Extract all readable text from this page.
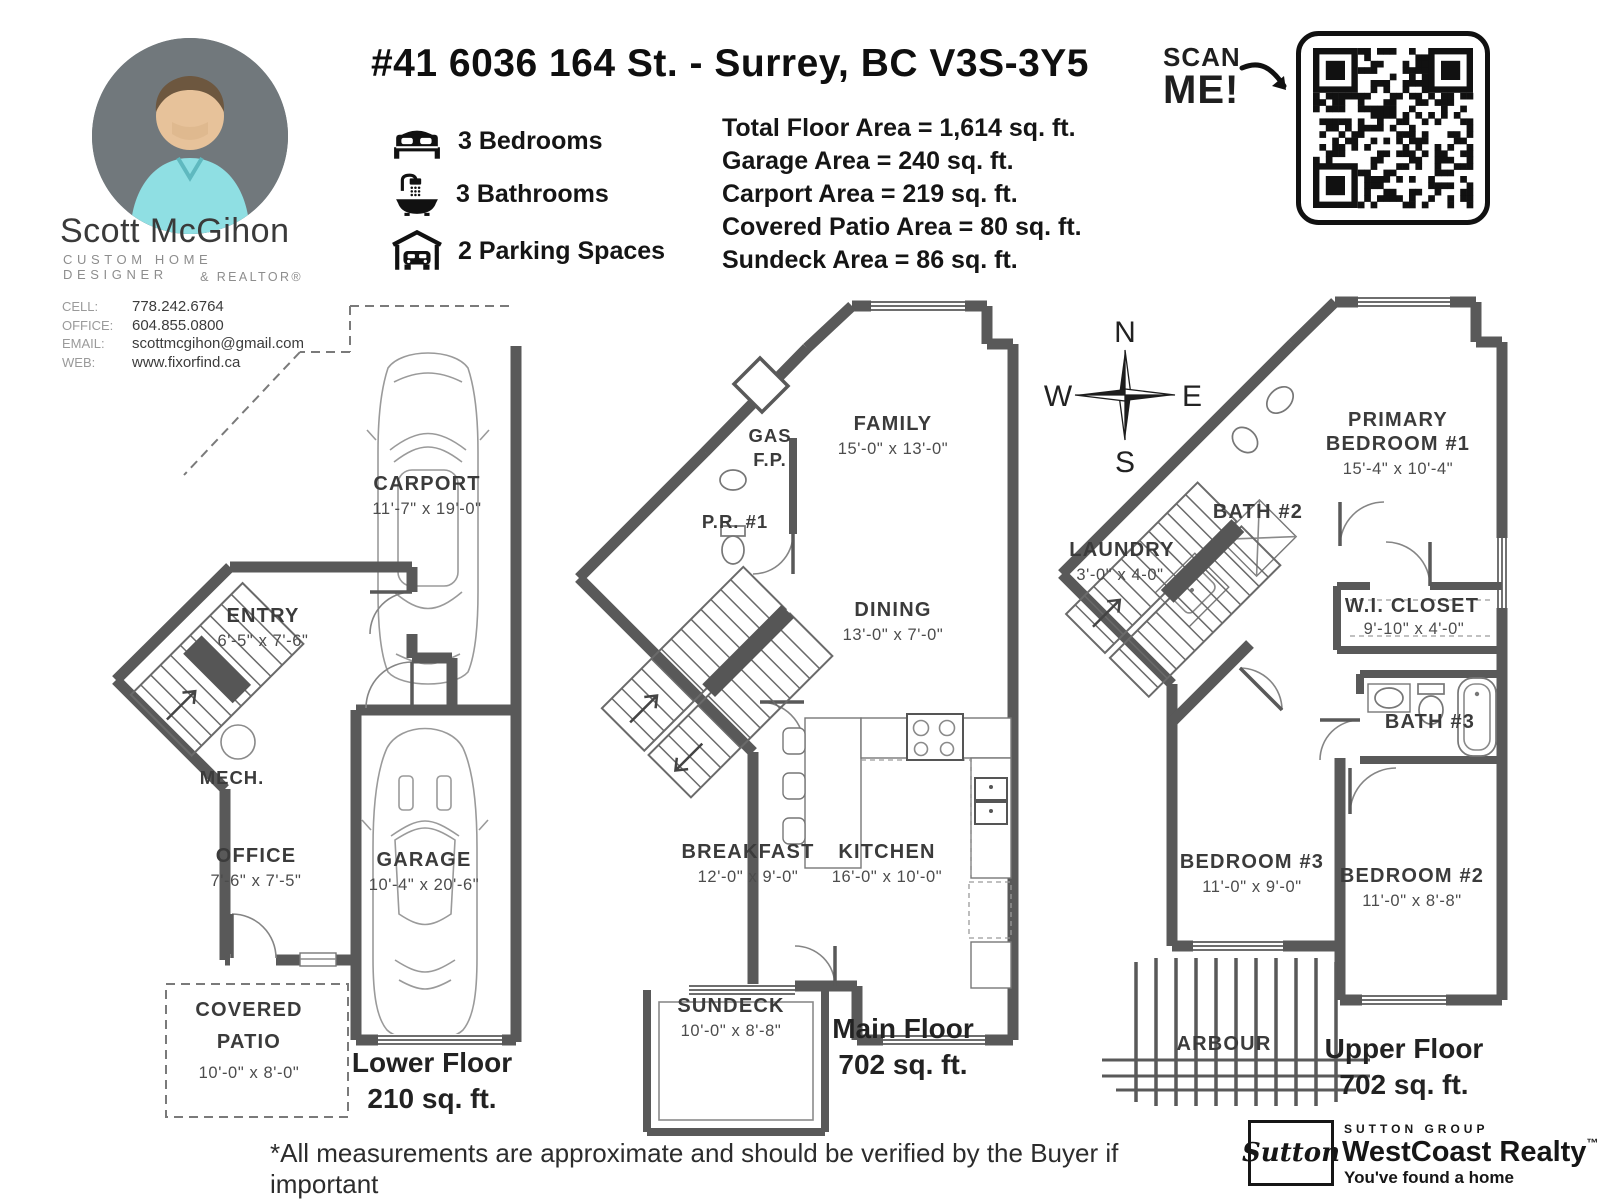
Scott McGihon
CUSTOM HOME DESIGNER	& REALTOR®
CELL:	778.242.6764
OFFICE:	604.855.0800
EMAIL:	scottmcgihon@gmail.com
WEB:	www.fixorfind.ca
#41 6036 164 St. - Surrey, BC V3S-3Y5
3 Bedrooms
3 Bathrooms
2 Parking Spaces
Total Floor Area = 1,614 sq. ft.
Garage Area = 240 sq. ft.
Carport Area = 219 sq. ft.
Covered Patio Area = 80 sq. ft.
Sundeck Area = 86 sq. ft.
SCAN
ME!
CARPORT
11'-7" x 19'-0"
ENTRY
6'-5" x 7'-6"
MECH.
OFFICE
7'-6" x 7'-5"
GARAGE
10'-4" x 20'-6"
COVERED
PATIO
10'-0" x 8'-0" Lower Floor
210 sq. ft.
GAS
F.P.
FAMILY
15'-0" x 13'-0"
P.R. #1
DINING
13'-0" x 7'-0"
BREAKFAST
12'-0" x 9'-0"
KITCHEN
16'-0" x 10'-0"
SUNDECK
10'-0" x 8'-8" Main Floor
702 sq. ft.
N
S
W	E
PRIMARY
BEDROOM #1
15'-4" x 10'-4"
BATH #2
LAUNDRY
3'-0" x 4-0"
W.I. CLOSET
9'-10" x 4'-0"
BATH #3
BEDROOM #3
11'-0" x 9'-0" BEDROOM #2
11'-0" x 8'-8"
ARBOUR Upper Floor
702 sq. ft.
*All measurements are approximate and should be verified by the Buyer if important
Sutton
SUTTON GROUP
WestCoast Realty™
You've found a home
